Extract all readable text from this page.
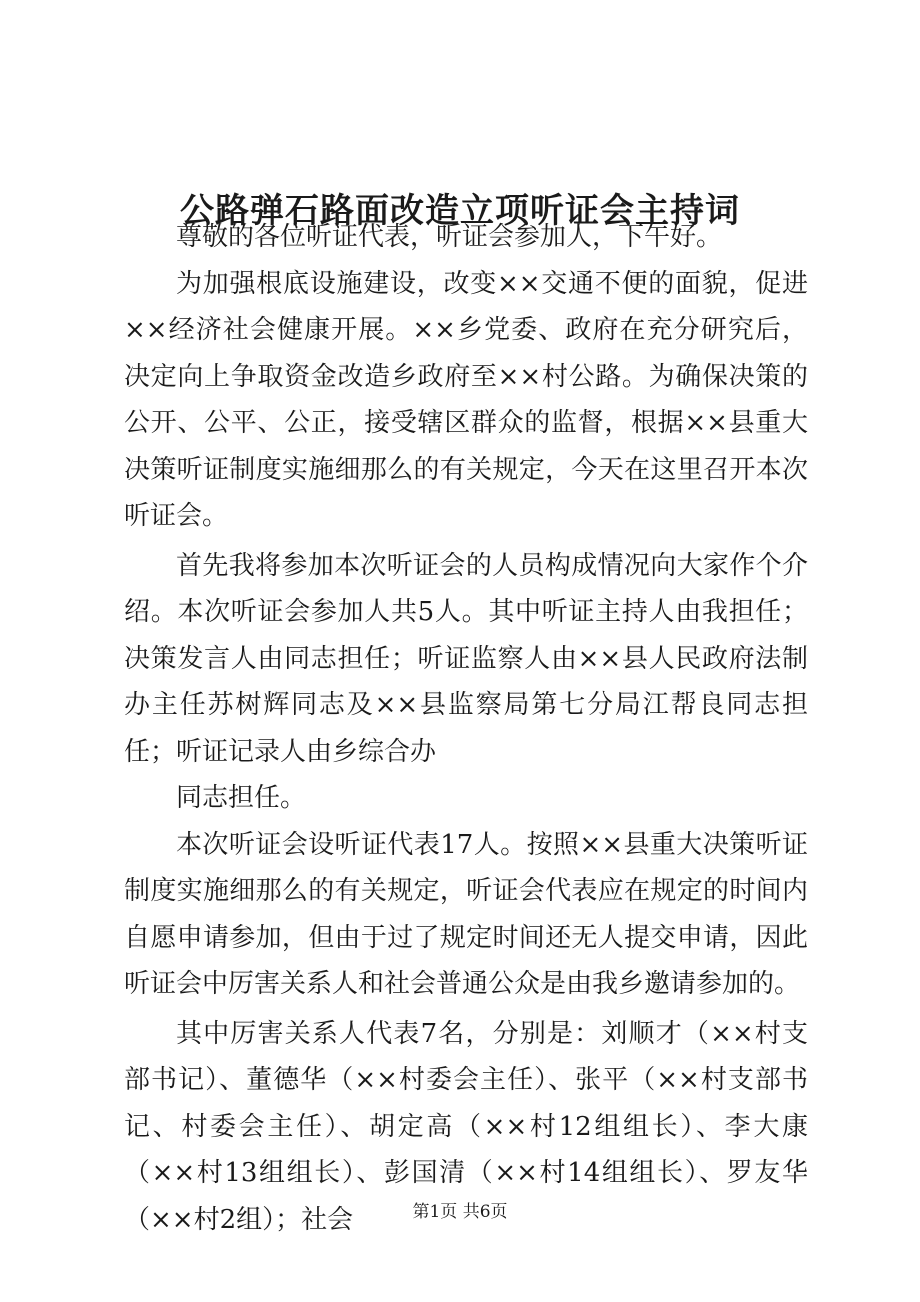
公路弹石路面改造立项听证会主持词

尊敬的各位听证代表，听证会参加人，下午好。

为加强根底设施建设，改变××交通不便的面貌，促进××经济社会健康开展。××乡党委、政府在充分研究后，决定向上争取资金改造乡政府至××村公路。为确保决策的公开、公平、公正，接受辖区群众的监督，根据××县重大决策听证制度实施细那么的有关规定，今天在这里召开本次听证会。

首先我将参加本次听证会的人员构成情况向大家作个介绍。本次听证会参加人共5人。其中听证主持人由我担任；决策发言人由同志担任；听证监察人由××县人民政府法制办主任苏树辉同志及××县监察局第七分局江帮良同志担任；听证记录人由乡综合办

同志担任。

本次听证会设听证代表17人。按照××县重大决策听证制度实施细那么的有关规定，听证会代表应在规定的时间内自愿申请参加，但由于过了规定时间还无人提交申请，因此听证会中厉害关系人和社会普通公众是由我乡邀请参加的。

其中厉害关系人代表7名，分别是：刘顺才（××村支部书记）、董德华（××村委会主任）、张平（××村支部书记、村委会主任）、胡定高（××村12组组长）、李大康（××村13组组长）、彭国清（××村14组组长）、罗友华（××村2组）；社会	第1页 共6页
